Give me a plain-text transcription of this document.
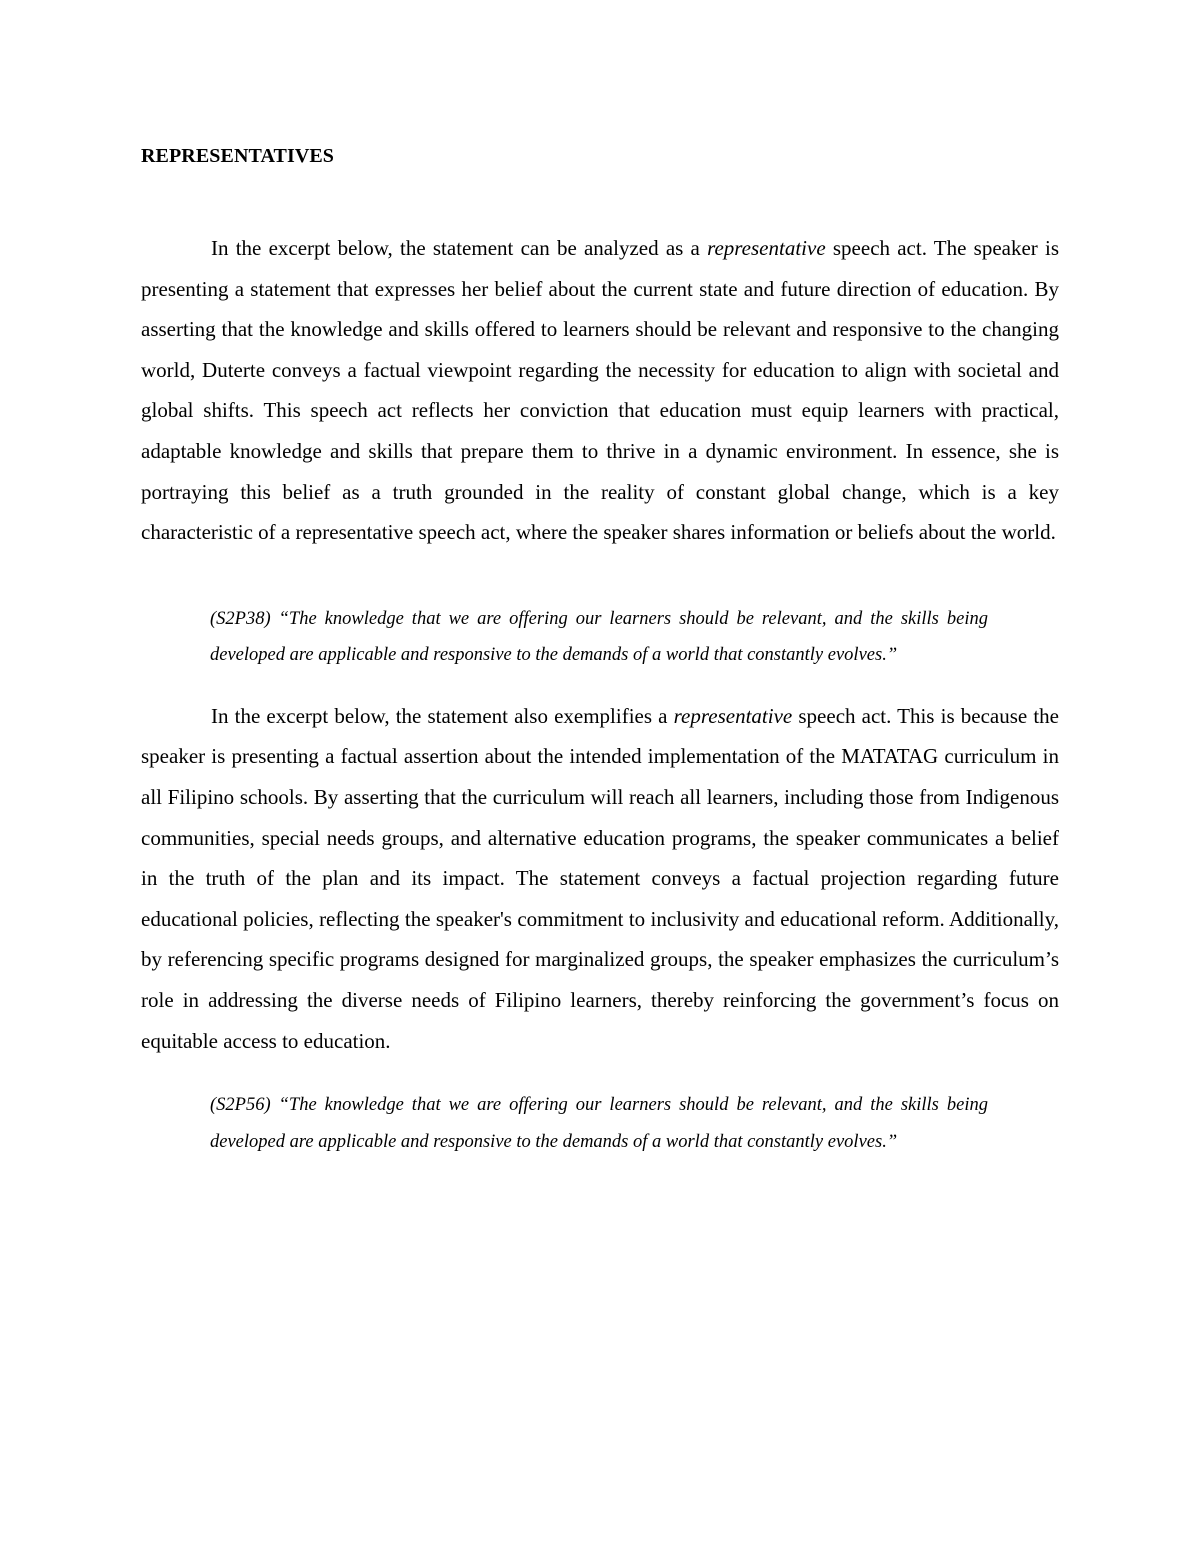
REPRESENTATIVES

In the excerpt below, the statement can be analyzed as a representative speech act. The speaker is presenting a statement that expresses her belief about the current state and future direction of education. By asserting that the knowledge and skills offered to learners should be relevant and responsive to the changing world, Duterte conveys a factual viewpoint regarding the necessity for education to align with societal and global shifts. This speech act reflects her conviction that education must equip learners with practical, adaptable knowledge and skills that prepare them to thrive in a dynamic environment. In essence, she is portraying this belief as a truth grounded in the reality of constant global change, which is a key characteristic of a representative speech act, where the speaker shares information or beliefs about the world.

(S2P38) “The knowledge that we are offering our learners should be relevant, and the skills being developed are applicable and responsive to the demands of a world that constantly evolves.”

In the excerpt below, the statement also exemplifies a representative speech act. This is because the speaker is presenting a factual assertion about the intended implementation of the MATATAG curriculum in all Filipino schools. By asserting that the curriculum will reach all learners, including those from Indigenous communities, special needs groups, and alternative education programs, the speaker communicates a belief in the truth of the plan and its impact. The statement conveys a factual projection regarding future educational policies, reflecting the speaker's commitment to inclusivity and educational reform. Additionally, by referencing specific programs designed for marginalized groups, the speaker emphasizes the curriculum’s role in addressing the diverse needs of Filipino learners, thereby reinforcing the government’s focus on equitable access to education.

(S2P56) “The knowledge that we are offering our learners should be relevant, and the skills being developed are applicable and responsive to the demands of a world that constantly evolves.”
